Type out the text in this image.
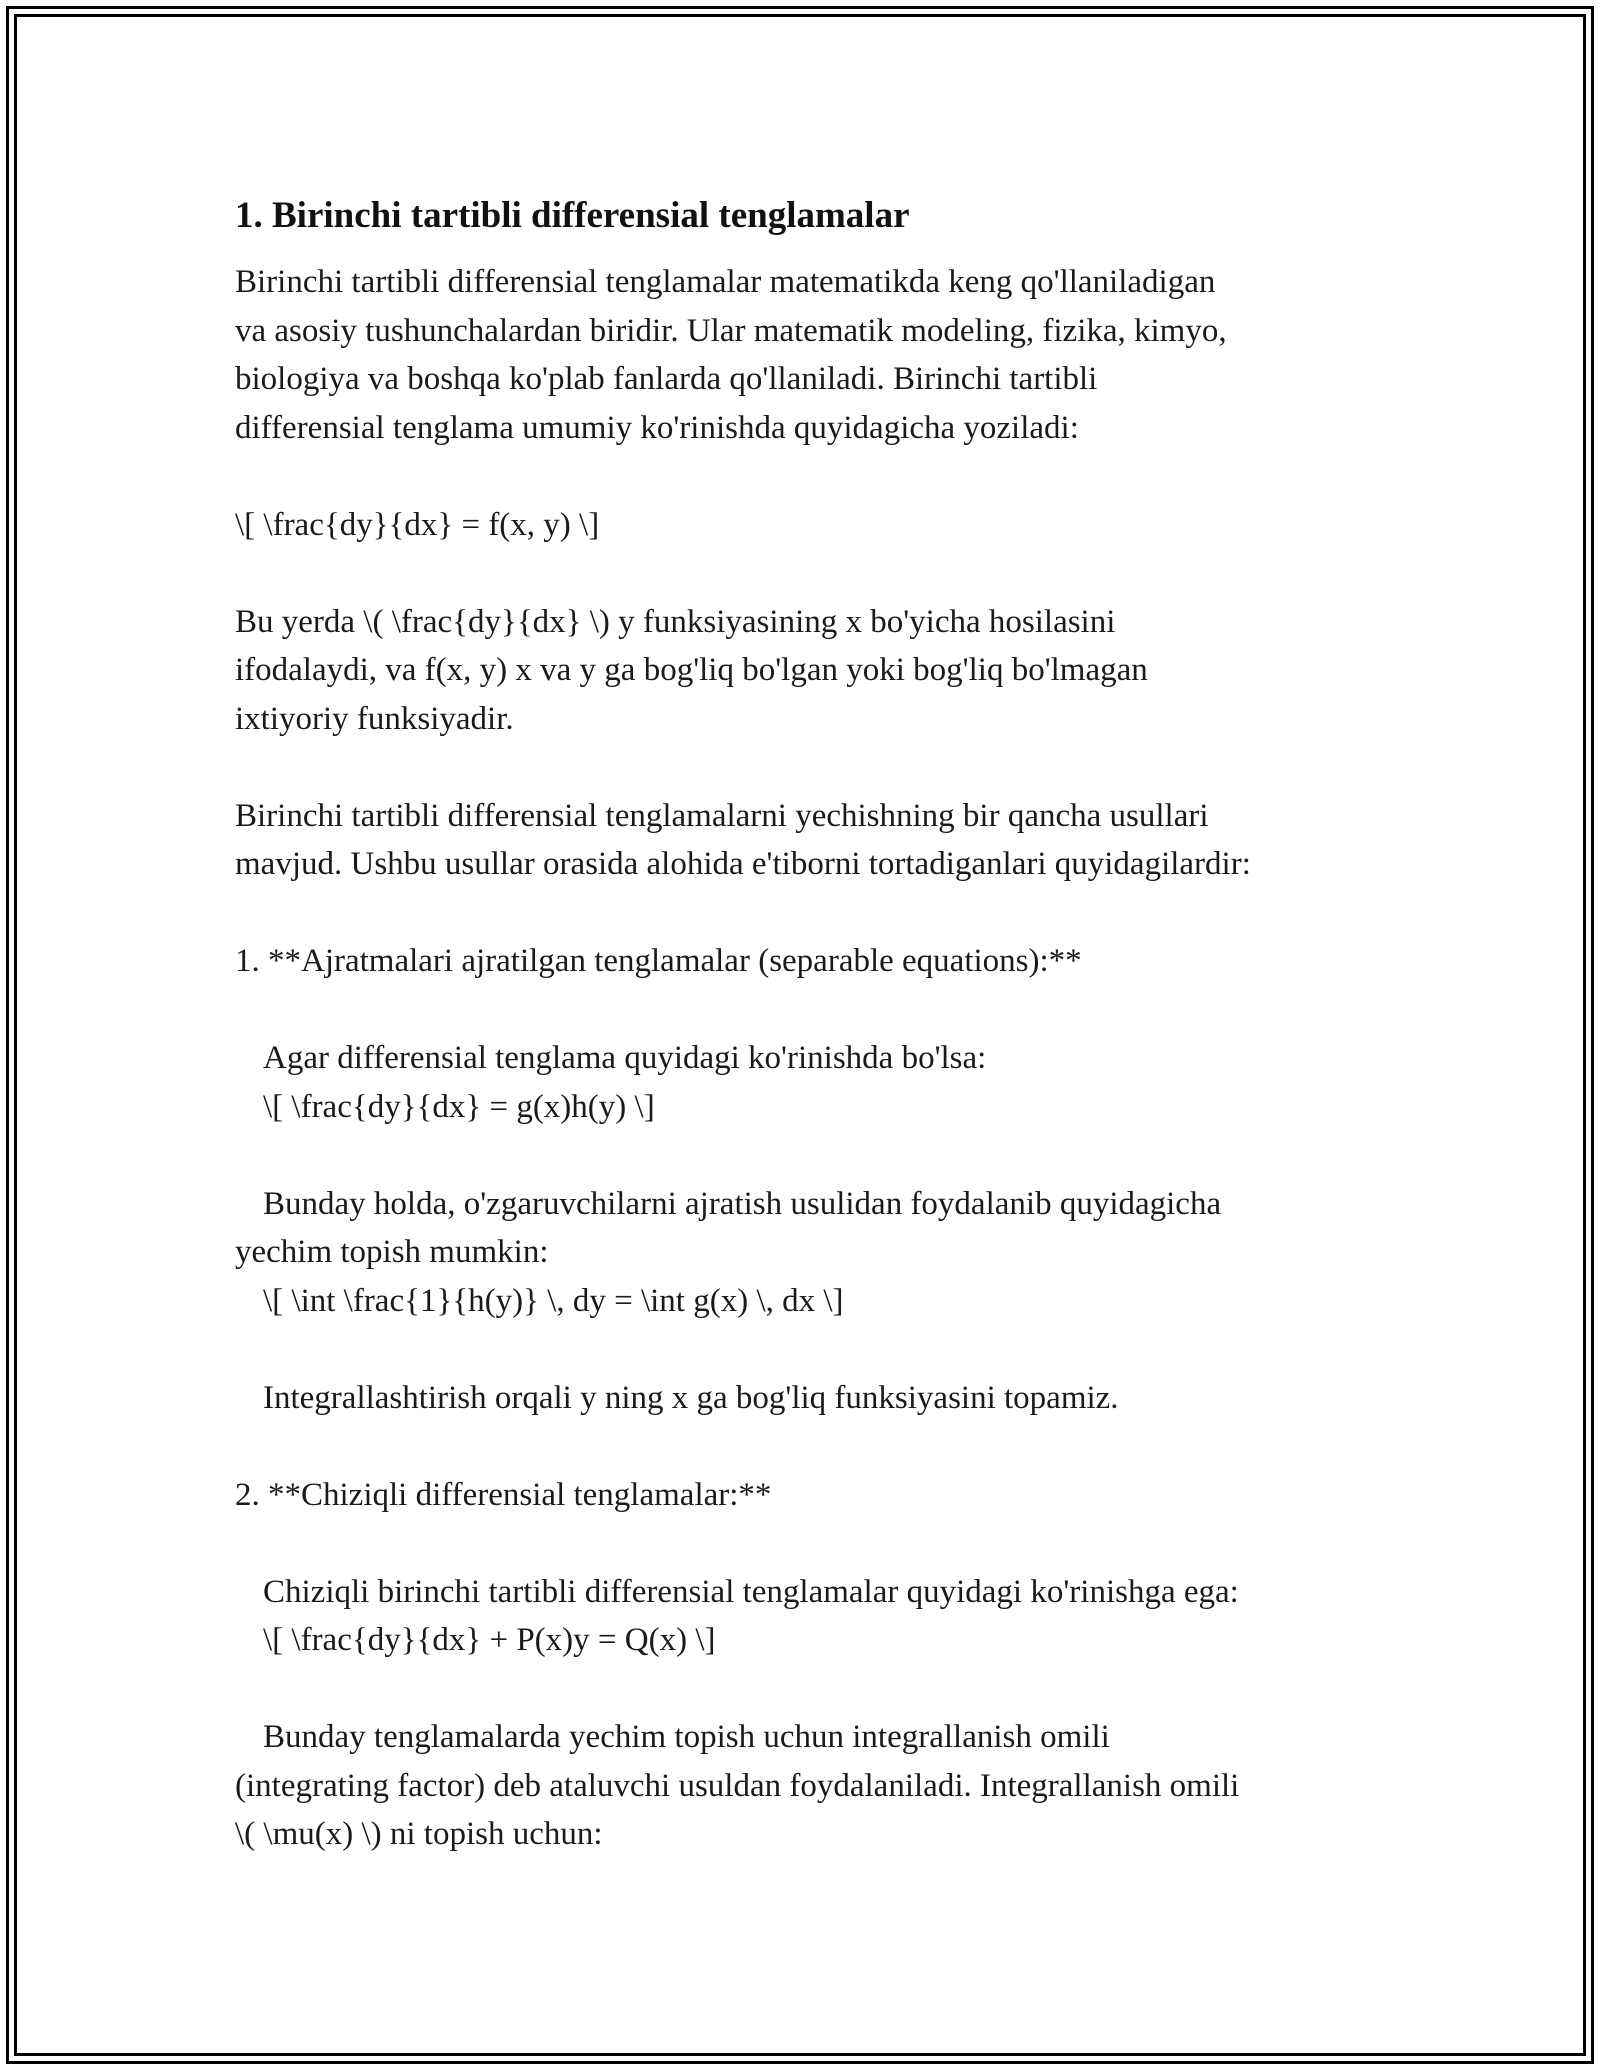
1. Birinchi tartibli differensial tenglamalar
Birinchi tartibli differensial tenglamalar matematikda keng qo'llaniladigan
va asosiy tushunchalardan biridir. Ular matematik modeling, fizika, kimyo,
biologiya va boshqa ko'plab fanlarda qo'llaniladi. Birinchi tartibli
differensial tenglama umumiy ko'rinishda quyidagicha yoziladi:
\[ \frac{dy}{dx} = f(x, y) \]
Bu yerda \( \frac{dy}{dx} \) y funksiyasining x bo'yicha hosilasini
ifodalaydi, va f(x, y) x va y ga bog'liq bo'lgan yoki bog'liq bo'lmagan
ixtiyoriy funksiyadir.
Birinchi tartibli differensial tenglamalarni yechishning bir qancha usullari
mavjud. Ushbu usullar orasida alohida e'tiborni tortadiganlari quyidagilardir:
1. **Ajratmalari ajratilgan tenglamalar (separable equations):**
Agar differensial tenglama quyidagi ko'rinishda bo'lsa:
\[ \frac{dy}{dx} = g(x)h(y) \]
Bunday holda, o'zgaruvchilarni ajratish usulidan foydalanib quyidagicha
yechim topish mumkin:
\[ \int \frac{1}{h(y)} \, dy = \int g(x) \, dx \]
Integrallashtirish orqali y ning x ga bog'liq funksiyasini topamiz.
2. **Chiziqli differensial tenglamalar:**
Chiziqli birinchi tartibli differensial tenglamalar quyidagi ko'rinishga ega:
\[ \frac{dy}{dx} + P(x)y = Q(x) \]
Bunday tenglamalarda yechim topish uchun integrallanish omili
(integrating factor) deb ataluvchi usuldan foydalaniladi. Integrallanish omili
\( \mu(x) \) ni topish uchun:
